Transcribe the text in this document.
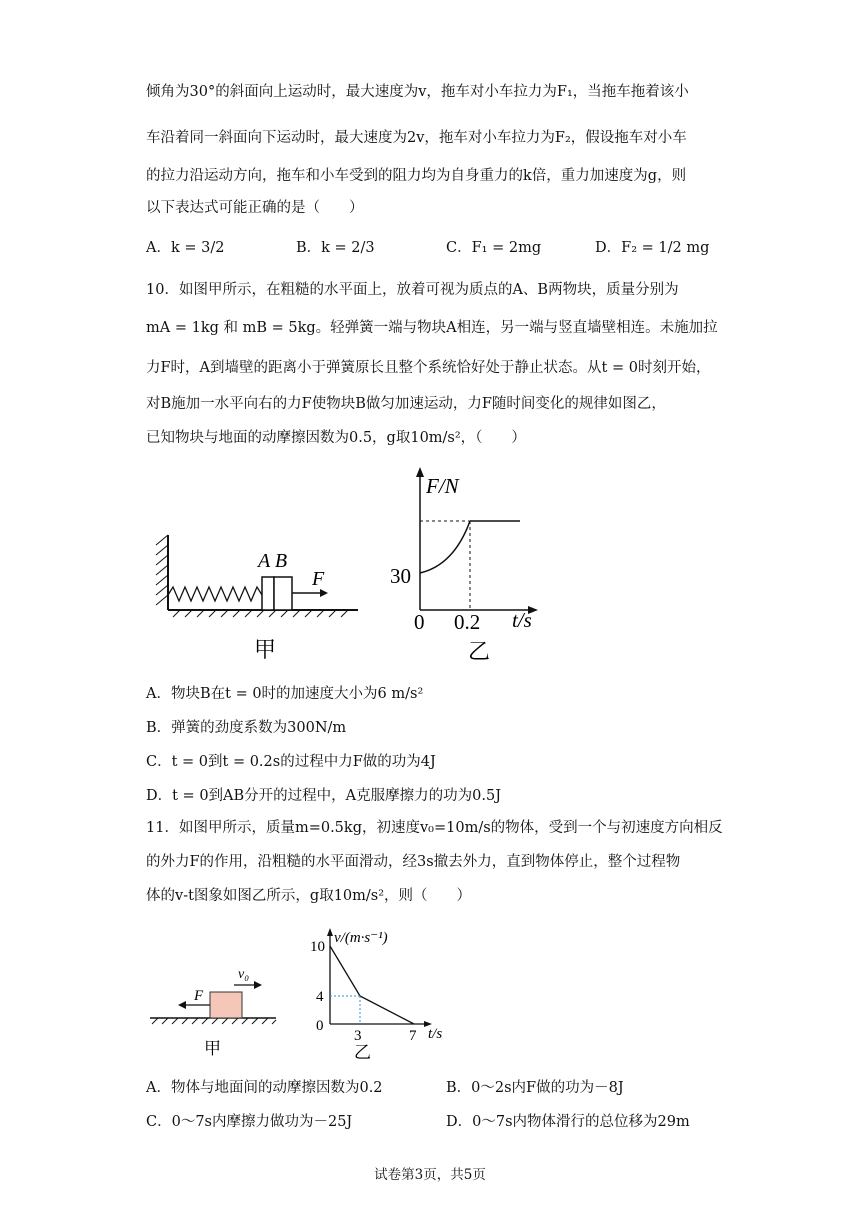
倾角为30°的斜面向上运动时，最大速度为v，拖车对小车拉力为F₁，当拖车拖着该小
车沿着同一斜面向下运动时，最大速度为2v，拖车对小车拉力为F₂，假设拖车对小车
的拉力沿运动方向，拖车和小车受到的阻力均为自身重力的k倍，重力加速度为g，则
以下表达式可能正确的是（　　）
A．k = 3/2	B．k = 2/3	C．F₁ = 2mg	D．F₂ = 1/2 mg
10．如图甲所示，在粗糙的水平面上，放着可视为质点的A、B两物块，质量分别为
mA = 1kg 和 mB = 5kg。轻弹簧一端与物块A相连，另一端与竖直墙壁相连。未施加拉
力F时，A到墙壁的距离小于弹簧原长且整个系统恰好处于静止状态。从t = 0时刻开始，
对B施加一水平向右的力F使物块B做匀加速运动，力F随时间变化的规律如图乙，
已知物块与地面的动摩擦因数为0.5，g取10m/s²，（　　）
A B
F
甲
F/N
t/s
30
0 0.2
乙
A．物块B在t = 0时的加速度大小为6 m/s²
B．弹簧的劲度系数为300N/m
C．t = 0到t = 0.2s的过程中力F做的功为4J
D．t = 0到AB分开的过程中，A克服摩擦力的功为0.5J
11．如图甲所示，质量m=0.5kg，初速度v₀=10m/s的物体，受到一个与初速度方向相反
的外力F的作用，沿粗糙的水平面滑动，经3s撤去外力，直到物体停止，整个过程物
体的v-t图象如图乙所示，g取10m/s²，则（　　）
F
v₀
甲
v/(m·s⁻¹)
t/s
10
4
0
3	7
乙
A．物体与地面间的动摩擦因数为0.2	B．0～2s内F做的功为－8J
C．0～7s内摩擦力做功为－25J	D．0～7s内物体滑行的总位移为29m
试卷第3页，共5页
